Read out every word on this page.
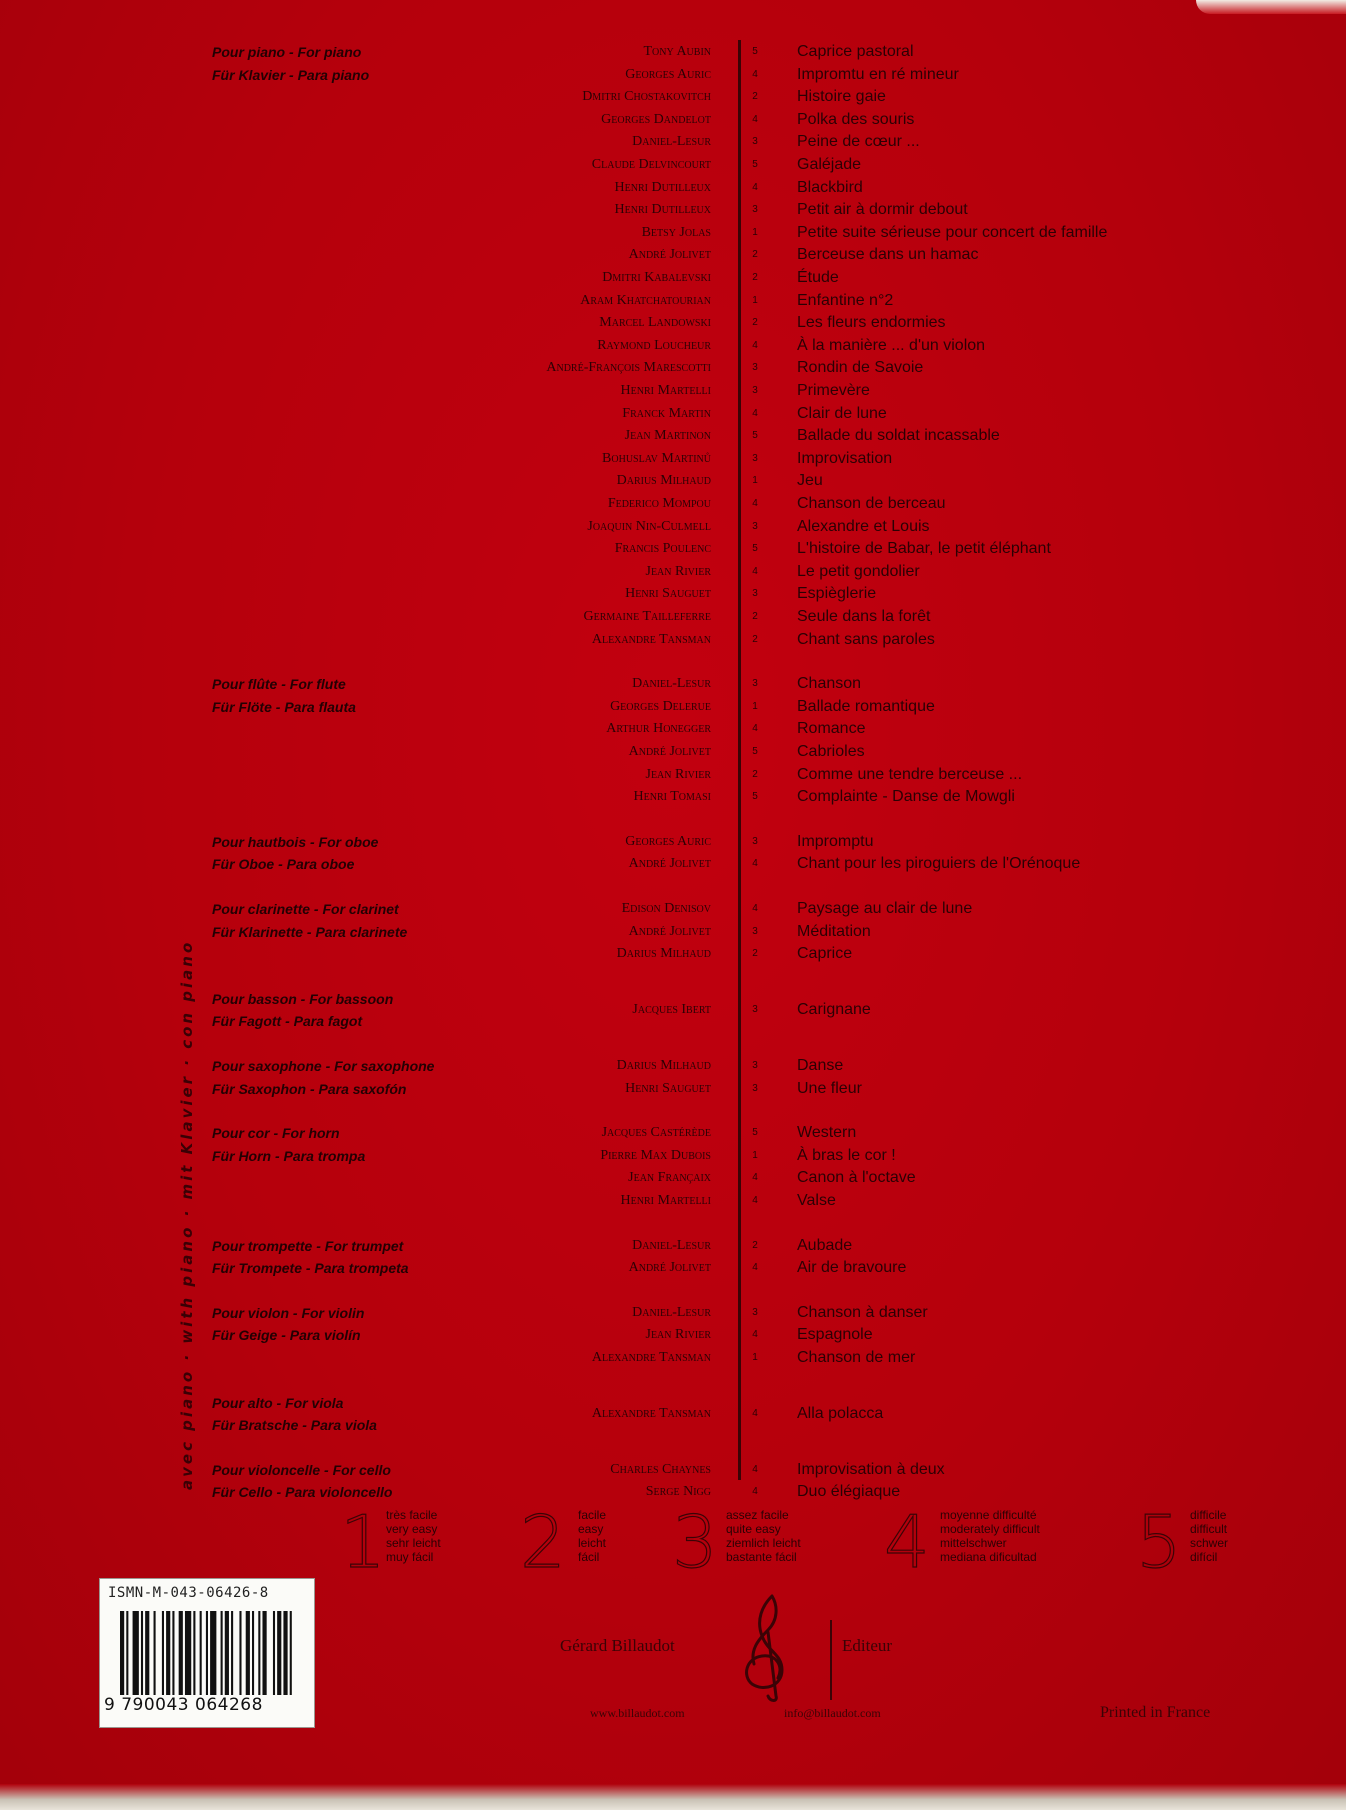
avec piano · with piano · mit Klavier · con piano
Pour piano - For piano
Für Klavier - Para piano
Tony Aubin	5 Caprice pastoral
Georges Auric	4 Impromtu en ré mineur
Dmitri Chostakovitch	2 Histoire gaie
Georges Dandelot	4 Polka des souris
Daniel-Lesur	3 Peine de cœur ...
Claude Delvincourt	5 Galéjade
Henri Dutilleux	4 Blackbird
Henri Dutilleux	3 Petit air à dormir debout
Betsy Jolas	1 Petite suite sérieuse pour concert de famille
André Jolivet	2 Berceuse dans un hamac
Dmitri Kabalevski	2 Étude
Aram Khatchatourian	1 Enfantine n°2
Marcel Landowski	2 Les fleurs endormies
Raymond Loucheur	4 À la manière ... d'un violon
André-François Marescotti	3 Rondin de Savoie
Henri Martelli	3 Primevère
Franck Martin	4 Clair de lune
Jean Martinon	5 Ballade du soldat incassable
Bohuslav Martinů	3 Improvisation
Darius Milhaud	1 Jeu
Federico Mompou	4 Chanson de berceau
Joaquin Nin-Culmell	3 Alexandre et Louis
Francis Poulenc	5 L'histoire de Babar, le petit éléphant
Jean Rivier	4 Le petit gondolier
Henri Sauguet	3 Espièglerie
Germaine Tailleferre	2 Seule dans la forêt
Alexandre Tansman	2 Chant sans paroles
Pour flûte - For flute
Für Flöte - Para flauta
Daniel-Lesur	3 Chanson
Georges Delerue	1 Ballade romantique
Arthur Honegger	4 Romance
André Jolivet	5 Cabrioles
Jean Rivier	2 Comme une tendre berceuse ...
Henri Tomasi	5 Complainte - Danse de Mowgli
Pour hautbois - For oboe
Für Oboe - Para oboe
Georges Auric	3 Impromptu
André Jolivet	4 Chant pour les piroguiers de l'Orénoque
Pour clarinette - For clarinet
Für Klarinette - Para clarinete
Edison Denisov	4 Paysage au clair de lune
André Jolivet	3 Méditation
Darius Milhaud	2 Caprice
Pour basson - For bassoon
Für Fagott - Para fagot
Jacques Ibert	3 Carignane
Pour saxophone - For saxophone
Für Saxophon - Para saxofón
Darius Milhaud	3 Danse
Henri Sauguet	3 Une fleur
Pour cor - For horn
Für Horn - Para trompa
Jacques Castérède	5 Western
Pierre Max Dubois	1 À bras le cor !
Jean Françaix	4 Canon à l'octave
Henri Martelli	4 Valse
Pour trompette - For trumpet
Für Trompete - Para trompeta
Daniel-Lesur	2 Aubade
André Jolivet	4 Air de bravoure
Pour violon - For violin
Für Geige - Para violín
Daniel-Lesur	3 Chanson à danser
Jean Rivier	4 Espagnole
Alexandre Tansman	1 Chanson de mer
Pour alto - For viola
Für Bratsche - Para viola
Alexandre Tansman	4 Alla polacca
Pour violoncelle - For cello
Für Cello - Para violoncello
Charles Chaynes	4 Improvisation à deux
Serge Nigg	4 Duo élégiaque
1 très facile
very easy
sehr leicht
muy fácil 2 facile
easy
leicht
fácil 3 assez facile
quite easy
ziemlich leicht
bastante fácil 4 moyenne difficulté
moderately difficult
mittelschwer
mediana dificultad 5 difficile
difficult
schwer
difícil
ISMN-M-043-06426-8
9 790043 064268
Gérard Billaudot	Editeur
www.billaudot.com	info@billaudot.com	Printed in France
